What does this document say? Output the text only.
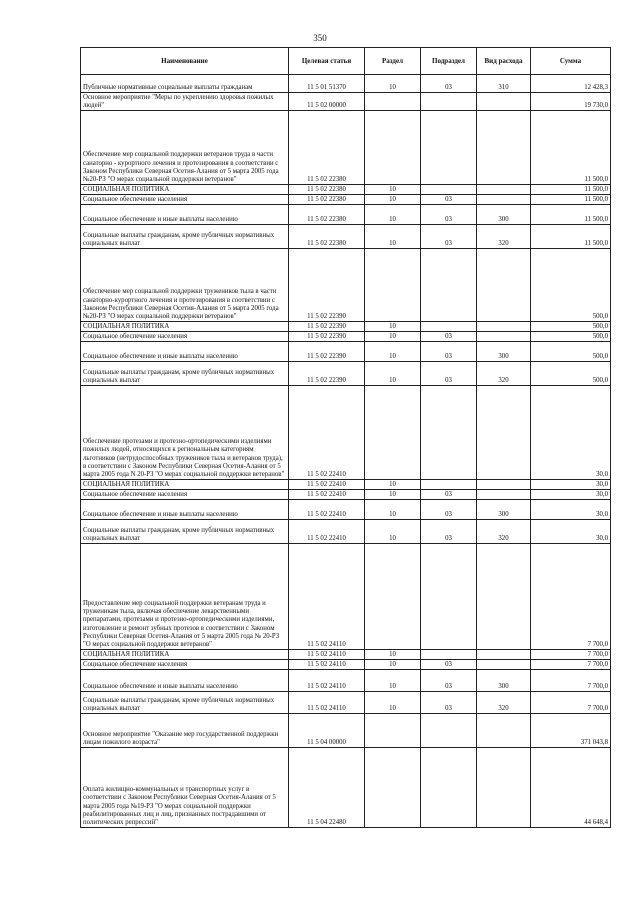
350
Наименование	Целевая статья	Раздел	Подраздел	Вид расхода	Сумма
Публичные нормативные социальные выплаты гражданам	11 5 01 51370	10	03	310	12 428,3
Основное мероприятие "Меры по укреплению здоровья пожилых людей"	11 5 02 00000				19 730,0
Обеспечение мер социальной поддержки ветеранов труда в части санаторно - курортного лечения и протезирования в соответствии с Законом Республики Северная Осетия-Алания от 5 марта 2005 года №20-РЗ "О мерах социальной поддержки ветеранов"	11 5 02 22380				11 500,0
СОЦИАЛЬНАЯ ПОЛИТИКА	11 5 02 22380	10			11 500,0
Социальное обеспечение населения	11 5 02 22380	10	03		11 500,0
Социальное обеспечение и иные выплаты населению	11 5 02 22380	10	03	300	11 500,0
Социальные выплаты гражданам, кроме публичных нормативных социальных выплат	11 5 02 22380	10	03	320	11 500,0
Обеспечение мер социальной поддержки тружеников тыла в части санаторно-курортного лечения и протезирования в соответствии с Законом Республики Северная Осетия-Алания от 5 марта 2005 года №20-РЗ "О мерах социальной поддержки ветеранов"	11 5 02 22390				500,0
СОЦИАЛЬНАЯ ПОЛИТИКА	11 5 02 22390	10			500,0
Социальное обеспечение населения	11 5 02 22390	10	03		500,0
Социальное обеспечение и иные выплаты населению	11 5 02 22390	10	03	300	500,0
Социальные выплаты гражданам, кроме публичных нормативных социальных выплат	11 5 02 22390	10	03	320	500,0
Обеспечение протезами и протезно-ортопедическими изделиями пожилых людей, относящихся к региональным категориям льготников (нетрудоспособных тружеников тыла и ветеранов труда), в соответствии с Законом Республики Северная Осетия-Алания от 5 марта 2005 года N 20-РЗ "О мерах социальной поддержки ветеранов"	11 5 02 22410				30,0
СОЦИАЛЬНАЯ ПОЛИТИКА	11 5 02 22410	10			30,0
Социальное обеспечение населения	11 5 02 22410	10	03		30,0
Социальное обеспечение и иные выплаты населению	11 5 02 22410	10	03	300	30,0
Социальные выплаты гражданам, кроме публичных нормативных социальных выплат	11 5 02 22410	10	03	320	30,0
Предоставление мер социальной поддержки ветеранам труда и труженикам тыла, включая обеспечение лекарственными препаратами, протезами и протезно-ортопедическими изделиями, изготовление и ремонт зубных протезов в соответствии с Законом Республики Северная Осетия-Алания от 5 марта 2005 года № 20-РЗ "О мерах социальной поддержки ветеранов"	11 5 02 24110				7 700,0
СОЦИАЛЬНАЯ ПОЛИТИКА	11 5 02 24110	10			7 700,0
Социальное обеспечение населения	11 5 02 24110	10	03		7 700,0
Социальное обеспечение и иные выплаты населению	11 5 02 24110	10	03	300	7 700,0
Социальные выплаты гражданам, кроме публичных нормативных социальных выплат	11 5 02 24110	10	03	320	7 700,0
Основное мероприятие "Оказание мер государственной поддержки лицам пожилого возраста"	11 5 04 00000				371 043,8
Оплата жилищно-коммунальных и транспортных услуг в соответствии с Законом Республики Северная Осетия-Алания от 5 марта 2005 года №19-РЗ "О мерах социальной поддержки реабилитированных лиц и лиц, признанных пострадавшими от политических репрессий"	11 5 04 22480				44 648,4
